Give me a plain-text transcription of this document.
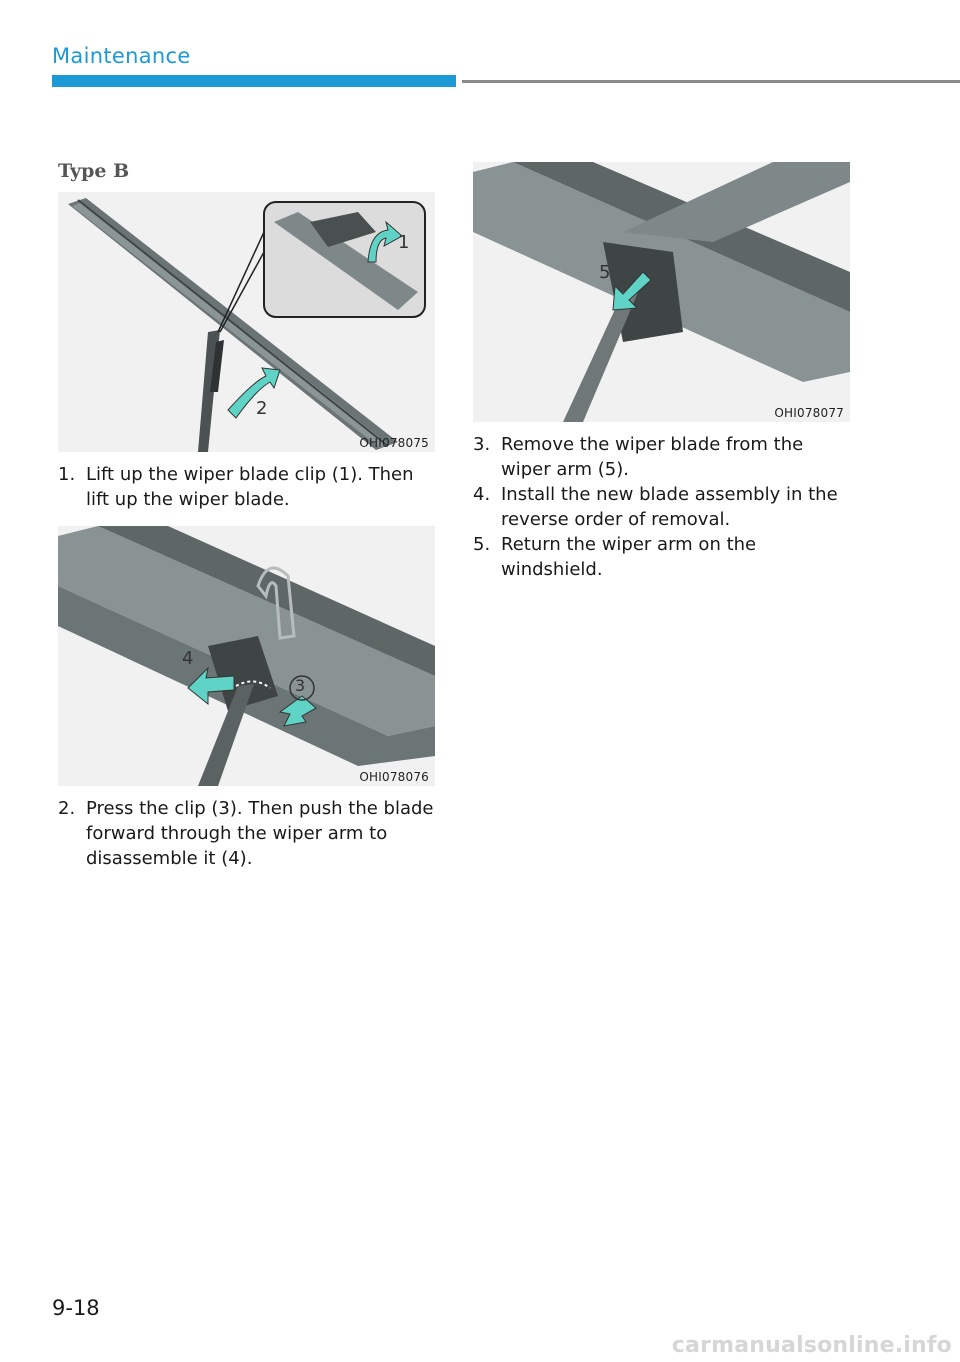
Maintenance
Type B
1
2
OHI078075
1. Lift up the wiper blade clip (1). Then lift up the wiper blade.
4
3
OHI078076
2. Press the clip (3). Then push the blade forward through the wiper arm to disassemble it (4).
5
OHI078077
3. Remove the wiper blade from the wiper arm (5).
4. Install the new blade assembly in the reverse order of removal.
5. Return the wiper arm on the windshield.
9-18
carmanualsonline.info
